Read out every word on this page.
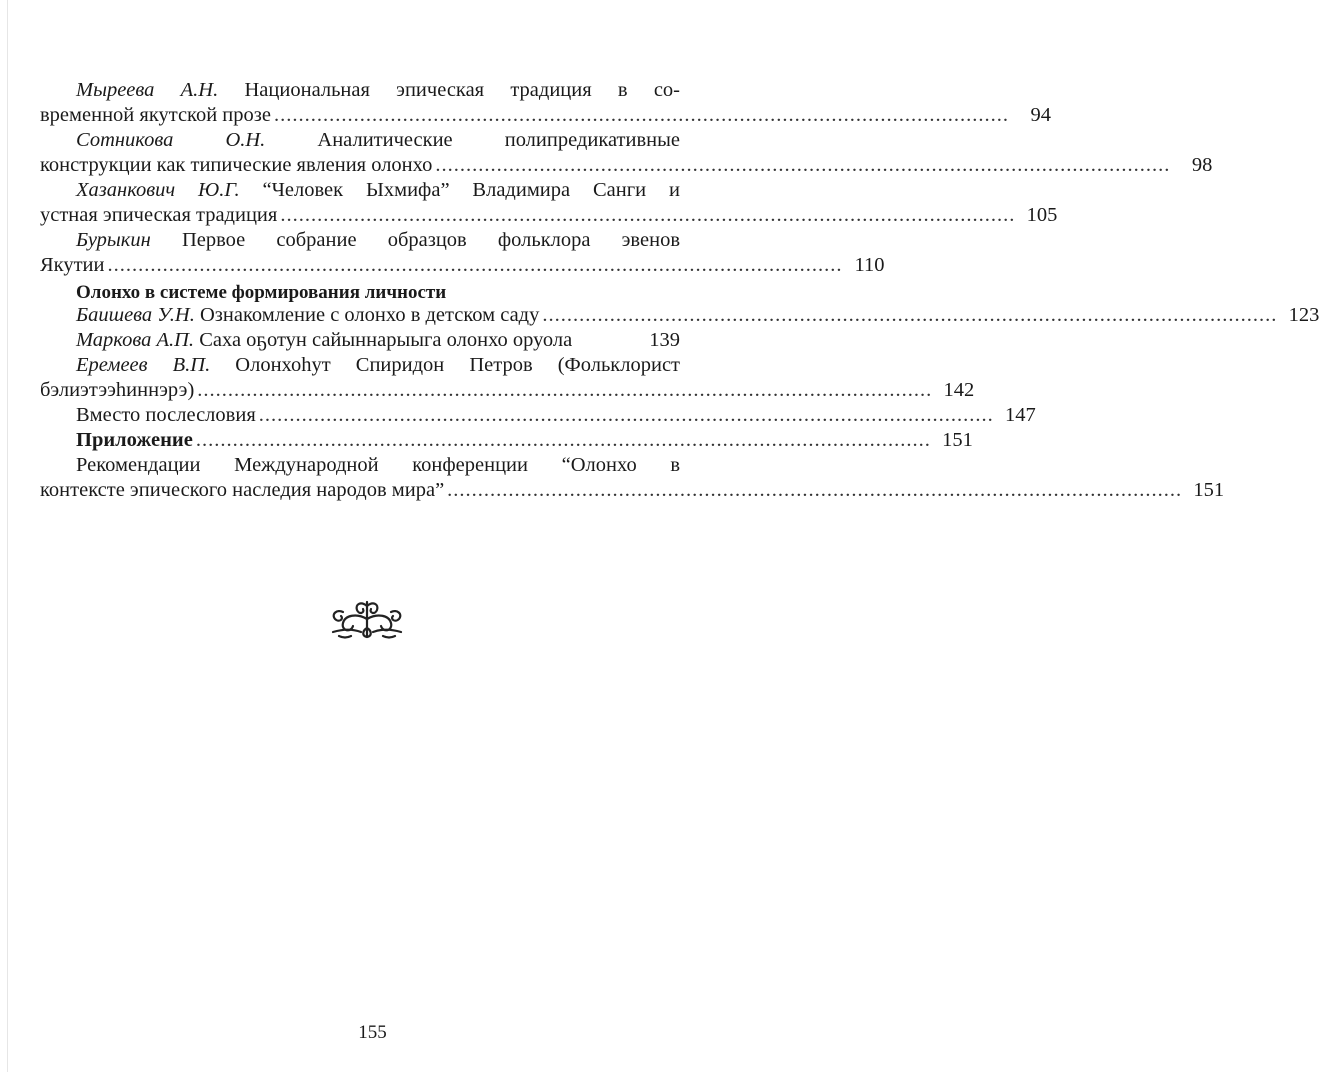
Мыреева А.Н. Национальная эпическая традиция в со-
временной якутской прозе ........................................................................................................................	94
Сотникова О.Н.	Аналитические полипредикативные
конструкции как типические явления олонхо ........................................................................................................................	98
Хазанкович Ю.Г. “Человек Ыхмифа” Владимира Санги и
устная эпическая традиция ........................................................................................................................ 105
Бурыкин Первое собрание образцов фольклора эвенов
Якутии ........................................................................................................................ 110
Олонхо в системе формирования личности
Баишева У.Н. Ознакомление с олонхо в детском саду ........................................................................................................................ 123
Маркова А.П. Саха оҕотун сайыннарыыга олонхо оруола	139
Еремеев В.П. Олонхоһут Спиридон Петров (Фольклорист
бэлиэтээһиннэрэ) ........................................................................................................................ 142
Вместо послесловия ........................................................................................................................ 147
Приложение ........................................................................................................................ 151
Рекомендации Международной конференции “Олонхо в
контексте эпического наследия народов мира” ........................................................................................................................ 151
155
